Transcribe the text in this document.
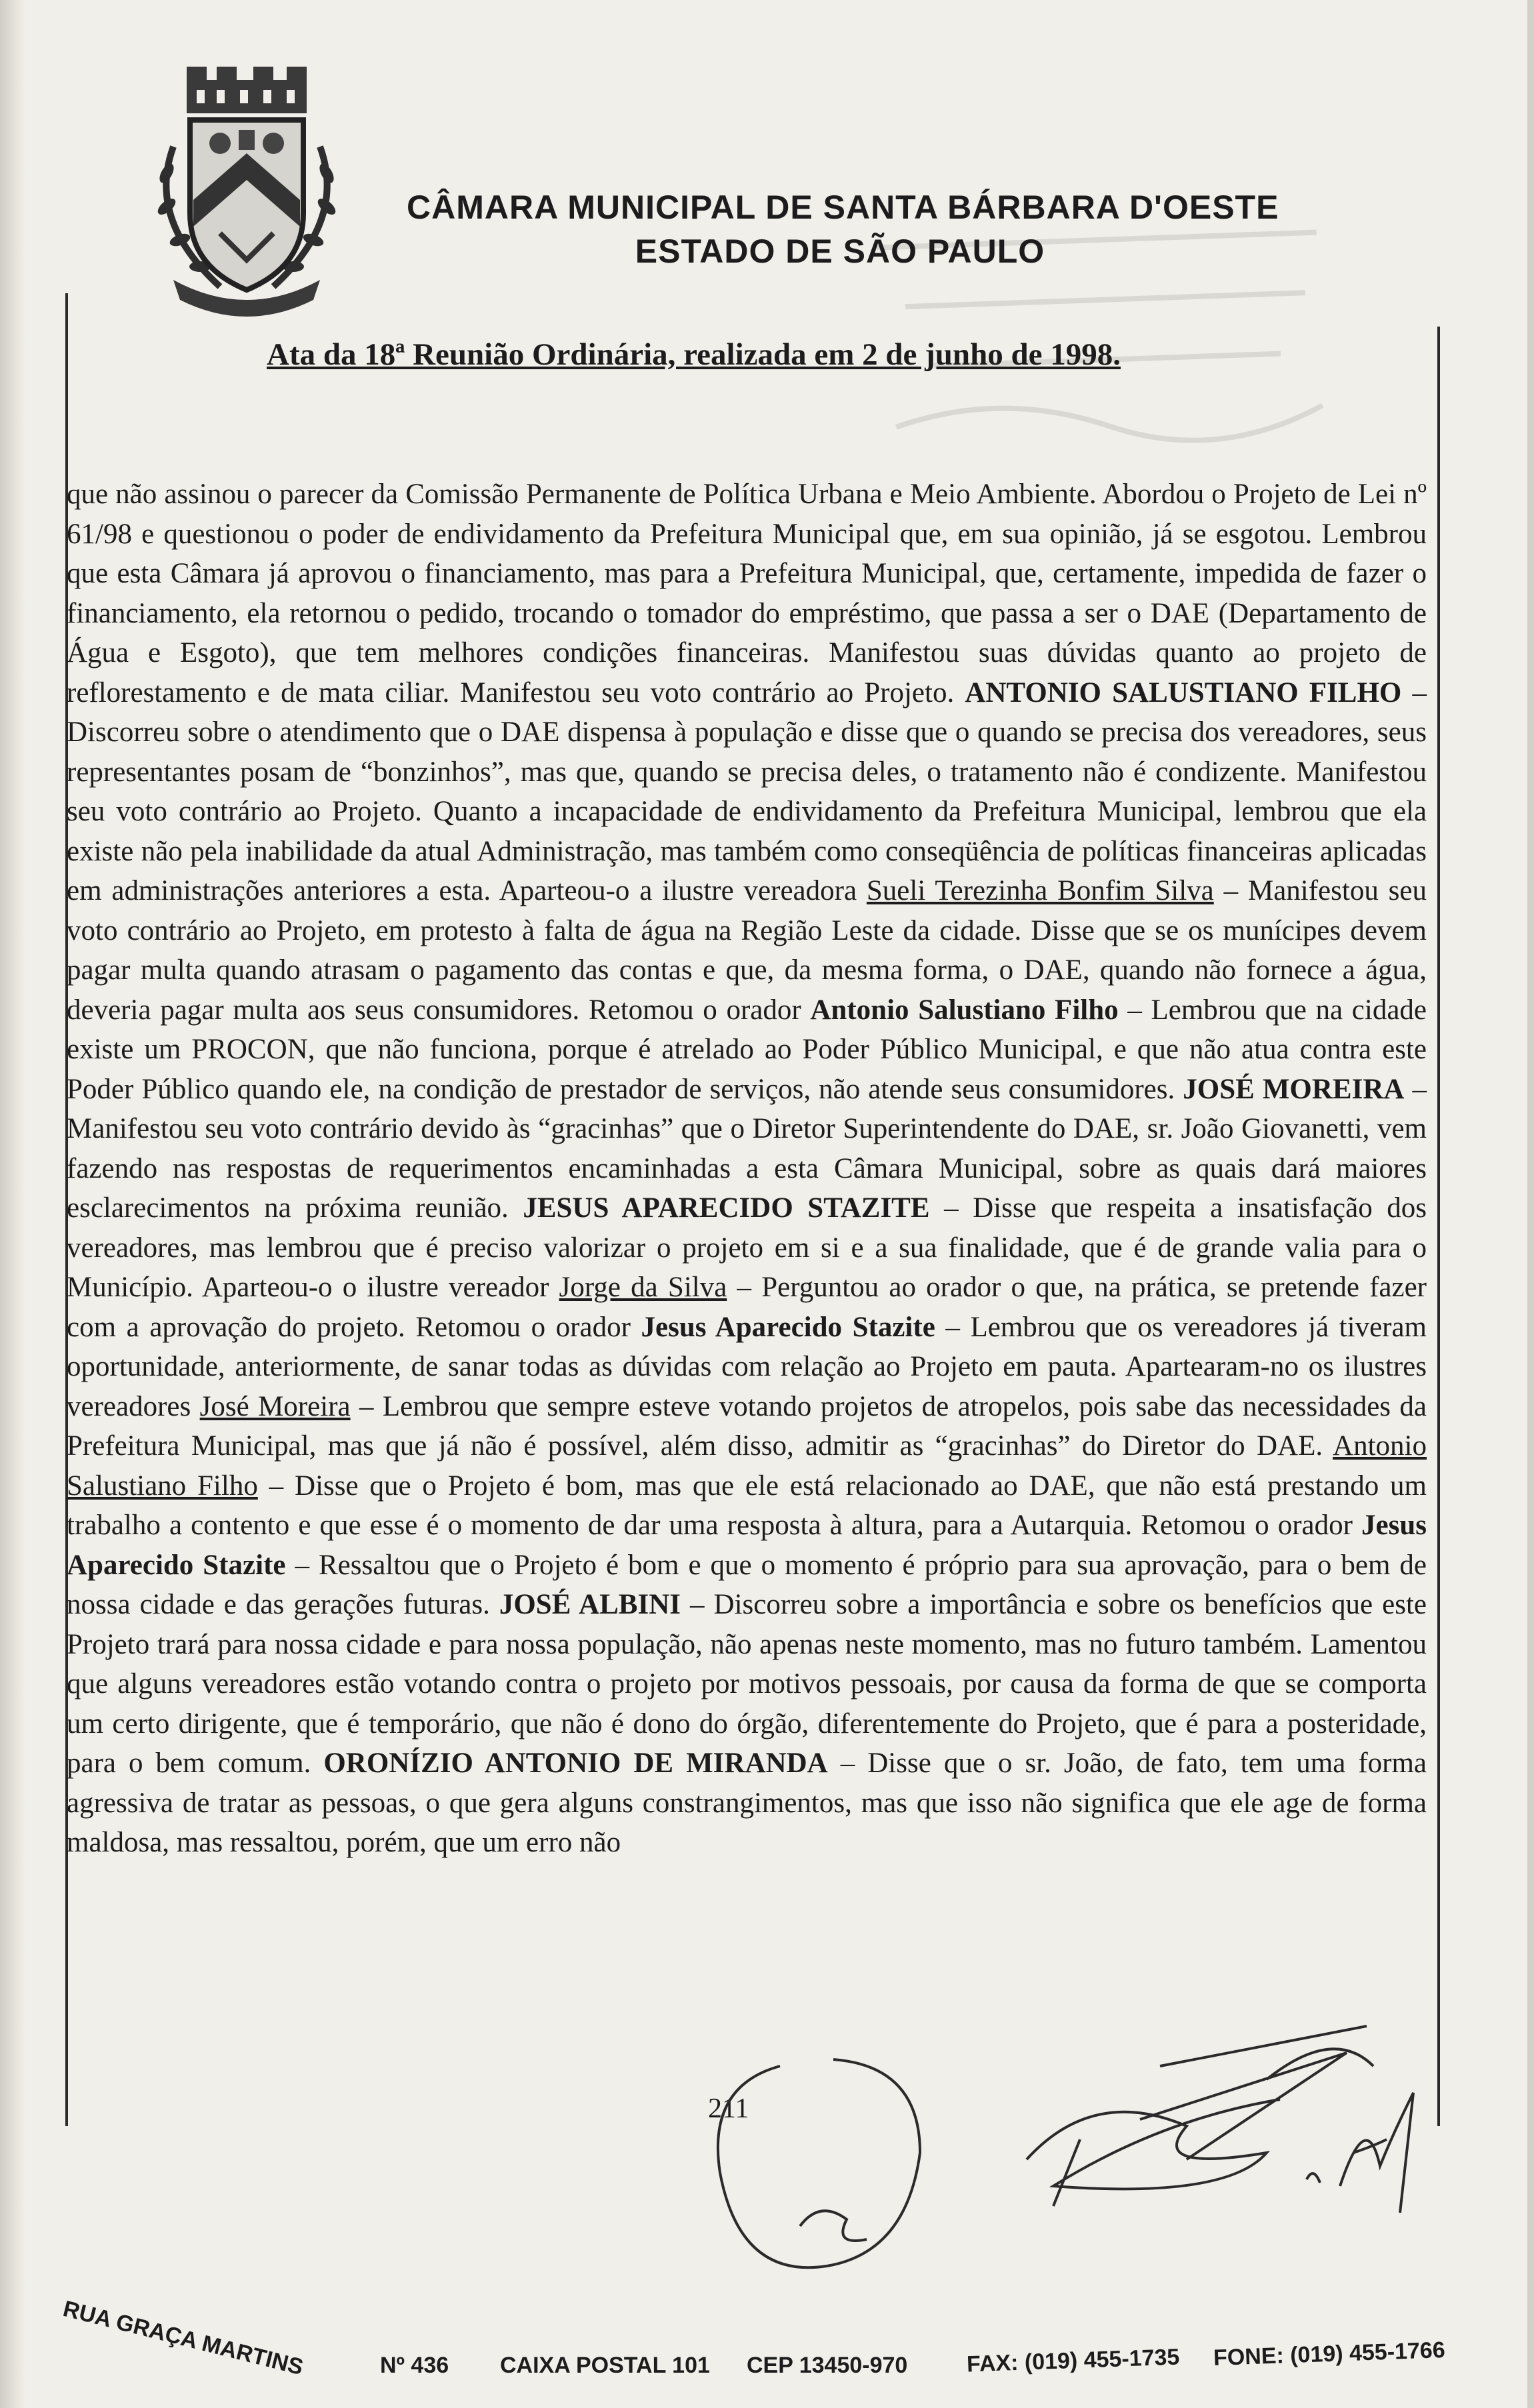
CÂMARA MUNICIPAL DE SANTA BÁRBARA D'OESTE
ESTADO DE SÃO PAULO
Ata da 18ª Reunião Ordinária, realizada em 2 de junho de 1998.

que não assinou o parecer da Comissão Permanente de Política Urbana e Meio Ambiente. Abordou o Projeto de Lei nº 61/98 e questionou o poder de endividamento da Prefeitura Municipal que, em sua opinião, já se esgotou. Lembrou que esta Câmara já aprovou o financiamento, mas para a Prefeitura Municipal, que, certamente, impedida de fazer o financiamento, ela retornou o pedido, trocando o tomador do empréstimo, que passa a ser o DAE (Departamento de Água e Esgoto), que tem melhores condições financeiras. Manifestou suas dúvidas quanto ao projeto de reflorestamento e de mata ciliar. Manifestou seu voto contrário ao Projeto. ANTONIO SALUSTIANO FILHO – Discorreu sobre o atendimento que o DAE dispensa à população e disse que o quando se precisa dos vereadores, seus representantes posam de “bonzinhos”, mas que, quando se precisa deles, o tratamento não é condizente. Manifestou seu voto contrário ao Projeto. Quanto a incapacidade de endividamento da Prefeitura Municipal, lembrou que ela existe não pela inabilidade da atual Administração, mas também como conseqüência de políticas financeiras aplicadas em administrações anteriores a esta. Aparteou-o a ilustre vereadora Sueli Terezinha Bonfim Silva – Manifestou seu voto contrário ao Projeto, em protesto à falta de água na Região Leste da cidade. Disse que se os munícipes devem pagar multa quando atrasam o pagamento das contas e que, da mesma forma, o DAE, quando não fornece a água, deveria pagar multa aos seus consumidores. Retomou o orador Antonio Salustiano Filho – Lembrou que na cidade existe um PROCON, que não funciona, porque é atrelado ao Poder Público Municipal, e que não atua contra este Poder Público quando ele, na condição de prestador de serviços, não atende seus consumidores. JOSÉ MOREIRA – Manifestou seu voto contrário devido às “gracinhas” que o Diretor Superintendente do DAE, sr. João Giovanetti, vem fazendo nas respostas de requerimentos encaminhadas a esta Câmara Municipal, sobre as quais dará maiores esclarecimentos na próxima reunião. JESUS APARECIDO STAZITE – Disse que respeita a insatisfação dos vereadores, mas lembrou que é preciso valorizar o projeto em si e a sua finalidade, que é de grande valia para o Município. Aparteou-o o ilustre vereador Jorge da Silva – Perguntou ao orador o que, na prática, se pretende fazer com a aprovação do projeto. Retomou o orador Jesus Aparecido Stazite – Lembrou que os vereadores já tiveram oportunidade, anteriormente, de sanar todas as dúvidas com relação ao Projeto em pauta. Apartearam-no os ilustres vereadores José Moreira – Lembrou que sempre esteve votando projetos de atropelos, pois sabe das necessidades da Prefeitura Municipal, mas que já não é possível, além disso, admitir as “gracinhas” do Diretor do DAE. Antonio Salustiano Filho – Disse que o Projeto é bom, mas que ele está relacionado ao DAE, que não está prestando um trabalho a contento e que esse é o momento de dar uma resposta à altura, para a Autarquia. Retomou o orador Jesus Aparecido Stazite – Ressaltou que o Projeto é bom e que o momento é próprio para sua aprovação, para o bem de nossa cidade e das gerações futuras. JOSÉ ALBINI – Discorreu sobre a importância e sobre os benefícios que este Projeto trará para nossa cidade e para nossa população, não apenas neste momento, mas no futuro também. Lamentou que alguns vereadores estão votando contra o projeto por motivos pessoais, por causa da forma de que se comporta um certo dirigente, que é temporário, que não é dono do órgão, diferentemente do Projeto, que é para a posteridade, para o bem comum. ORONÍZIO ANTONIO DE MIRANDA – Disse que o sr. João, de fato, tem uma forma agressiva de tratar as pessoas, o que gera alguns constrangimentos, mas que isso não significa que ele age de forma maldosa, mas ressaltou, porém, que um erro não

211
RUA GRAÇA MARTINS	Nº 436 CAIXA POSTAL 101 CEP 13450-970	FAX: (019) 455-1735 FONE: (019) 455-1766
